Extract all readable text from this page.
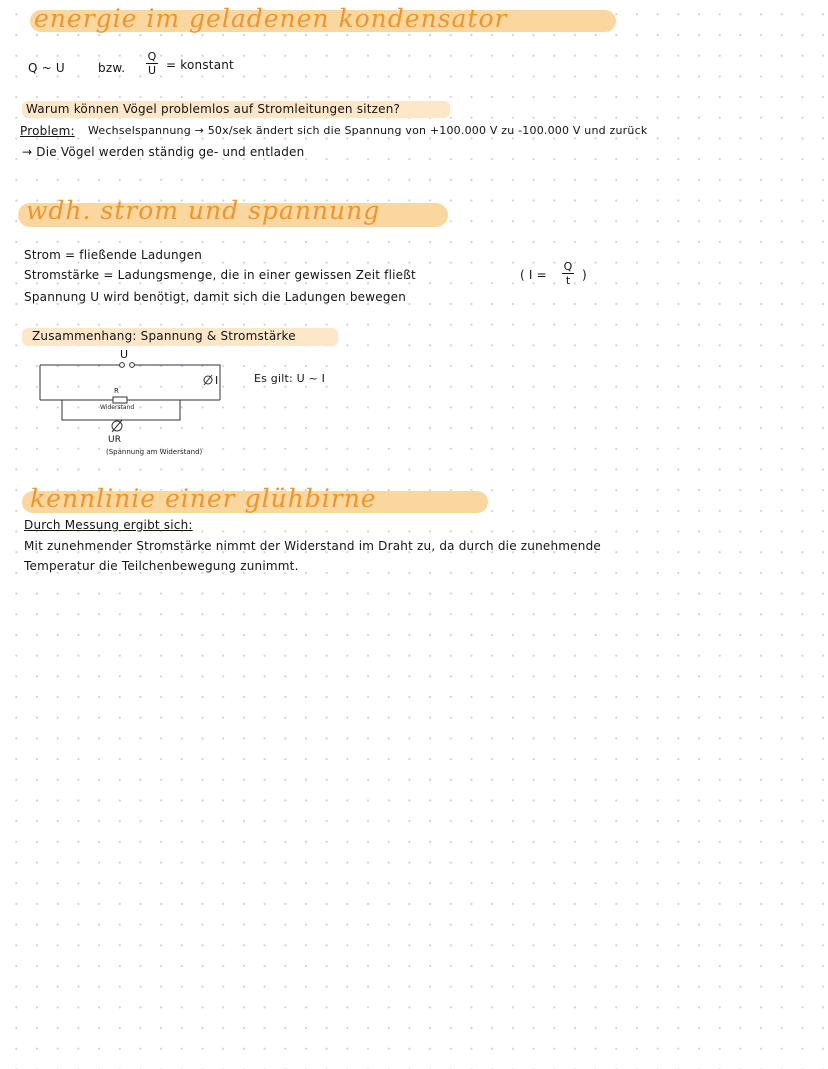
energie im geladenen kondensator
Q ~ U	bzw.
Q
U = konstant
Warum können Vögel problemlos auf Stromleitungen sitzen?
Problem: Wechselspannung → 50x/sek ändert sich die Spannung von +100.000 V zu -100.000 V und zurück
→ Die Vögel werden ständig ge- und entladen
wdh. strom und spannung
Strom = fließende Ladungen
Stromstärke = Ladungsmenge, die in einer gewissen Zeit fließt	( I =
Q
t )
Spannung U wird benötigt, damit sich die Ladungen bewegen
Zusammenhang: Spannung & Stromstärke
U
R
Widerstand
I
UR
(Spannung am Widerstand)
Es gilt: U ~ I
kennlinie einer glühbirne
Durch Messung ergibt sich:
Mit zunehmender Stromstärke nimmt der Widerstand im Draht zu, da durch die zunehmende
Temperatur die Teilchenbewegung zunimmt.
